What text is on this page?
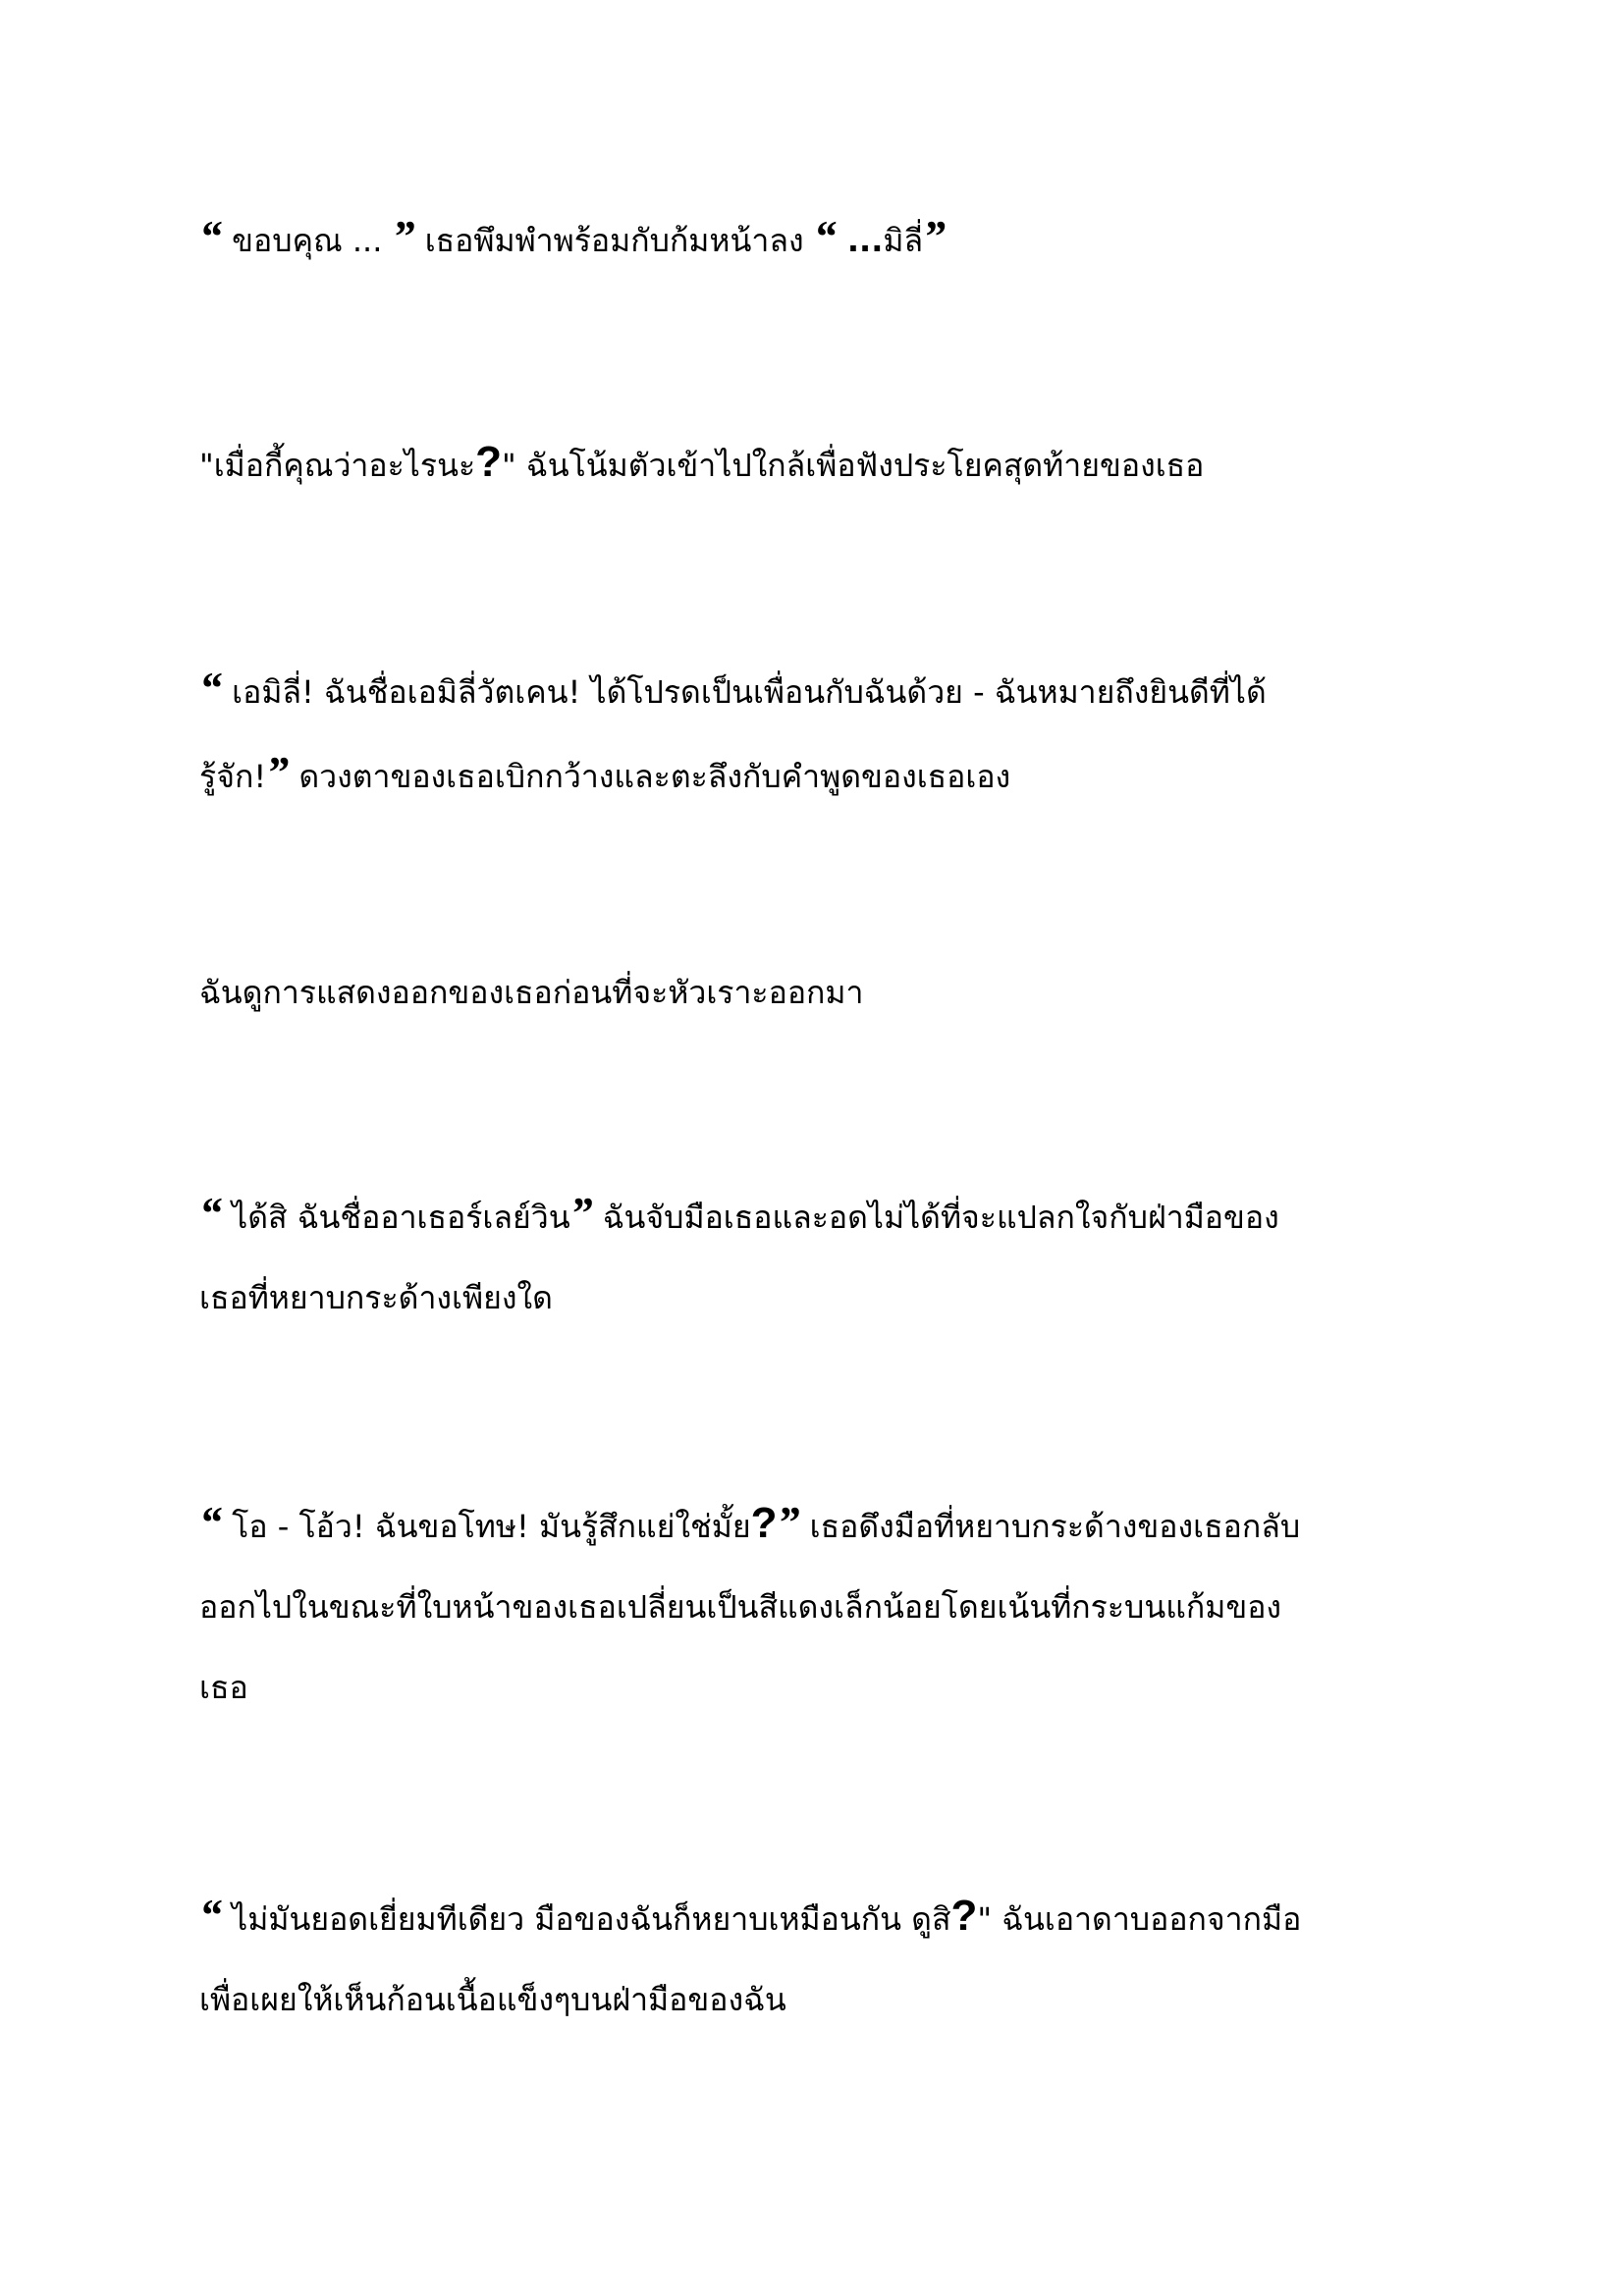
“ ขอบคุณ ... ” เธอพึมพำพร้อมกับก้มหน้าลง “ ...มิลี่”
"เมื่อกี้คุณว่าอะไรนะ?" ฉันโน้มตัวเข้าไปใกล้เพื่อฟังประโยคสุดท้ายของเธอ
“ เอมิลี่! ฉันชื่อเอมิลี่วัตเคน! ได้โปรดเป็นเพื่อนกับฉันด้วย - ฉันหมายถึงยินดีที่ได้
รู้จัก!” ดวงตาของเธอเบิกกว้างและตะลึงกับคำพูดของเธอเอง
ฉันดูการแสดงออกของเธอก่อนที่จะหัวเราะออกมา
“ ได้สิ ฉันชื่ออาเธอร์เลย์วิน” ฉันจับมือเธอและอดไม่ได้ที่จะแปลกใจกับฝ่ามือของ
เธอที่หยาบกระด้างเพียงใด
“ โอ - โอ้ว! ฉันขอโทษ! มันรู้สึกแย่ใช่มั้ย?” เธอดึงมือที่หยาบกระด้างของเธอกลับ
ออกไปในขณะที่ใบหน้าของเธอเปลี่ยนเป็นสีแดงเล็กน้อยโดยเน้นที่กระบนแก้มของ
เธอ
“ ไม่มันยอดเยี่ยมทีเดียว มือของฉันก็หยาบเหมือนกัน ดูสิ?" ฉันเอาดาบออกจากมือ
เพื่อเผยให้เห็นก้อนเนื้อแข็งๆบนฝ่ามือของฉัน
